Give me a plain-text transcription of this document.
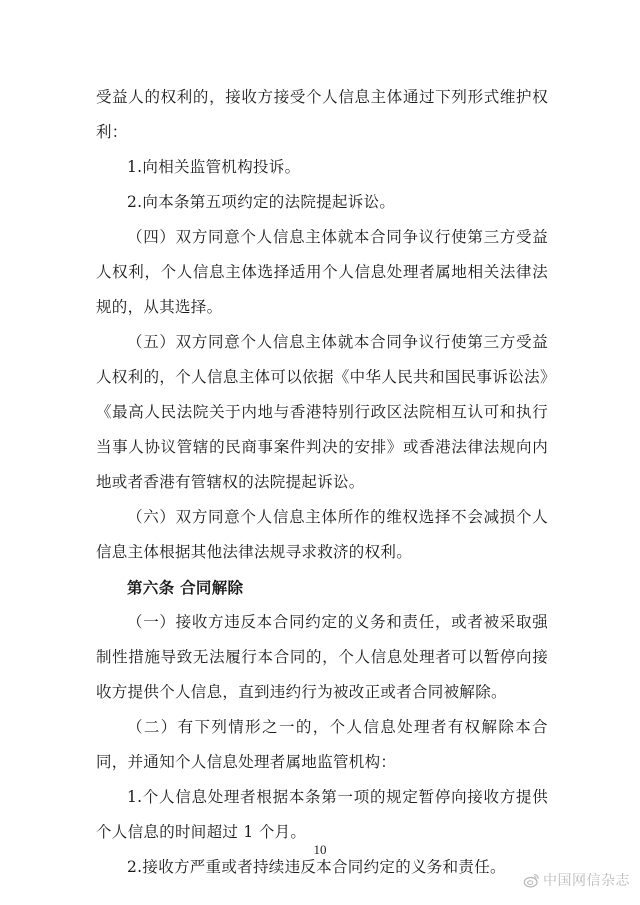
受益人的权利的，接收方接受个人信息主体通过下列形式维护权利：

1.向相关监管机构投诉。

2.向本条第五项约定的法院提起诉讼。

（四）双方同意个人信息主体就本合同争议行使第三方受益人权利，个人信息主体选择适用个人信息处理者属地相关法律法规的，从其选择。

（五）双方同意个人信息主体就本合同争议行使第三方受益人权利的，个人信息主体可以依据《中华人民共和国民事诉讼法》《最高人民法院关于内地与香港特别行政区法院相互认可和执行当事人协议管辖的民商事案件判决的安排》或香港法律法规向内地或者香港有管辖权的法院提起诉讼。

（六）双方同意个人信息主体所作的维权选择不会减损个人信息主体根据其他法律法规寻求救济的权利。

第六条 合同解除

（一）接收方违反本合同约定的义务和责任，或者被采取强制性措施导致无法履行本合同的，个人信息处理者可以暂停向接收方提供个人信息，直到违约行为被改正或者合同被解除。

（二）有下列情形之一的，个人信息处理者有权解除本合同，并通知个人信息处理者属地监管机构：

1.个人信息处理者根据本条第一项的规定暂停向接收方提供个人信息的时间超过 1 个月。

2.接收方严重或者持续违反本合同约定的义务和责任。

10
中国网信杂志
